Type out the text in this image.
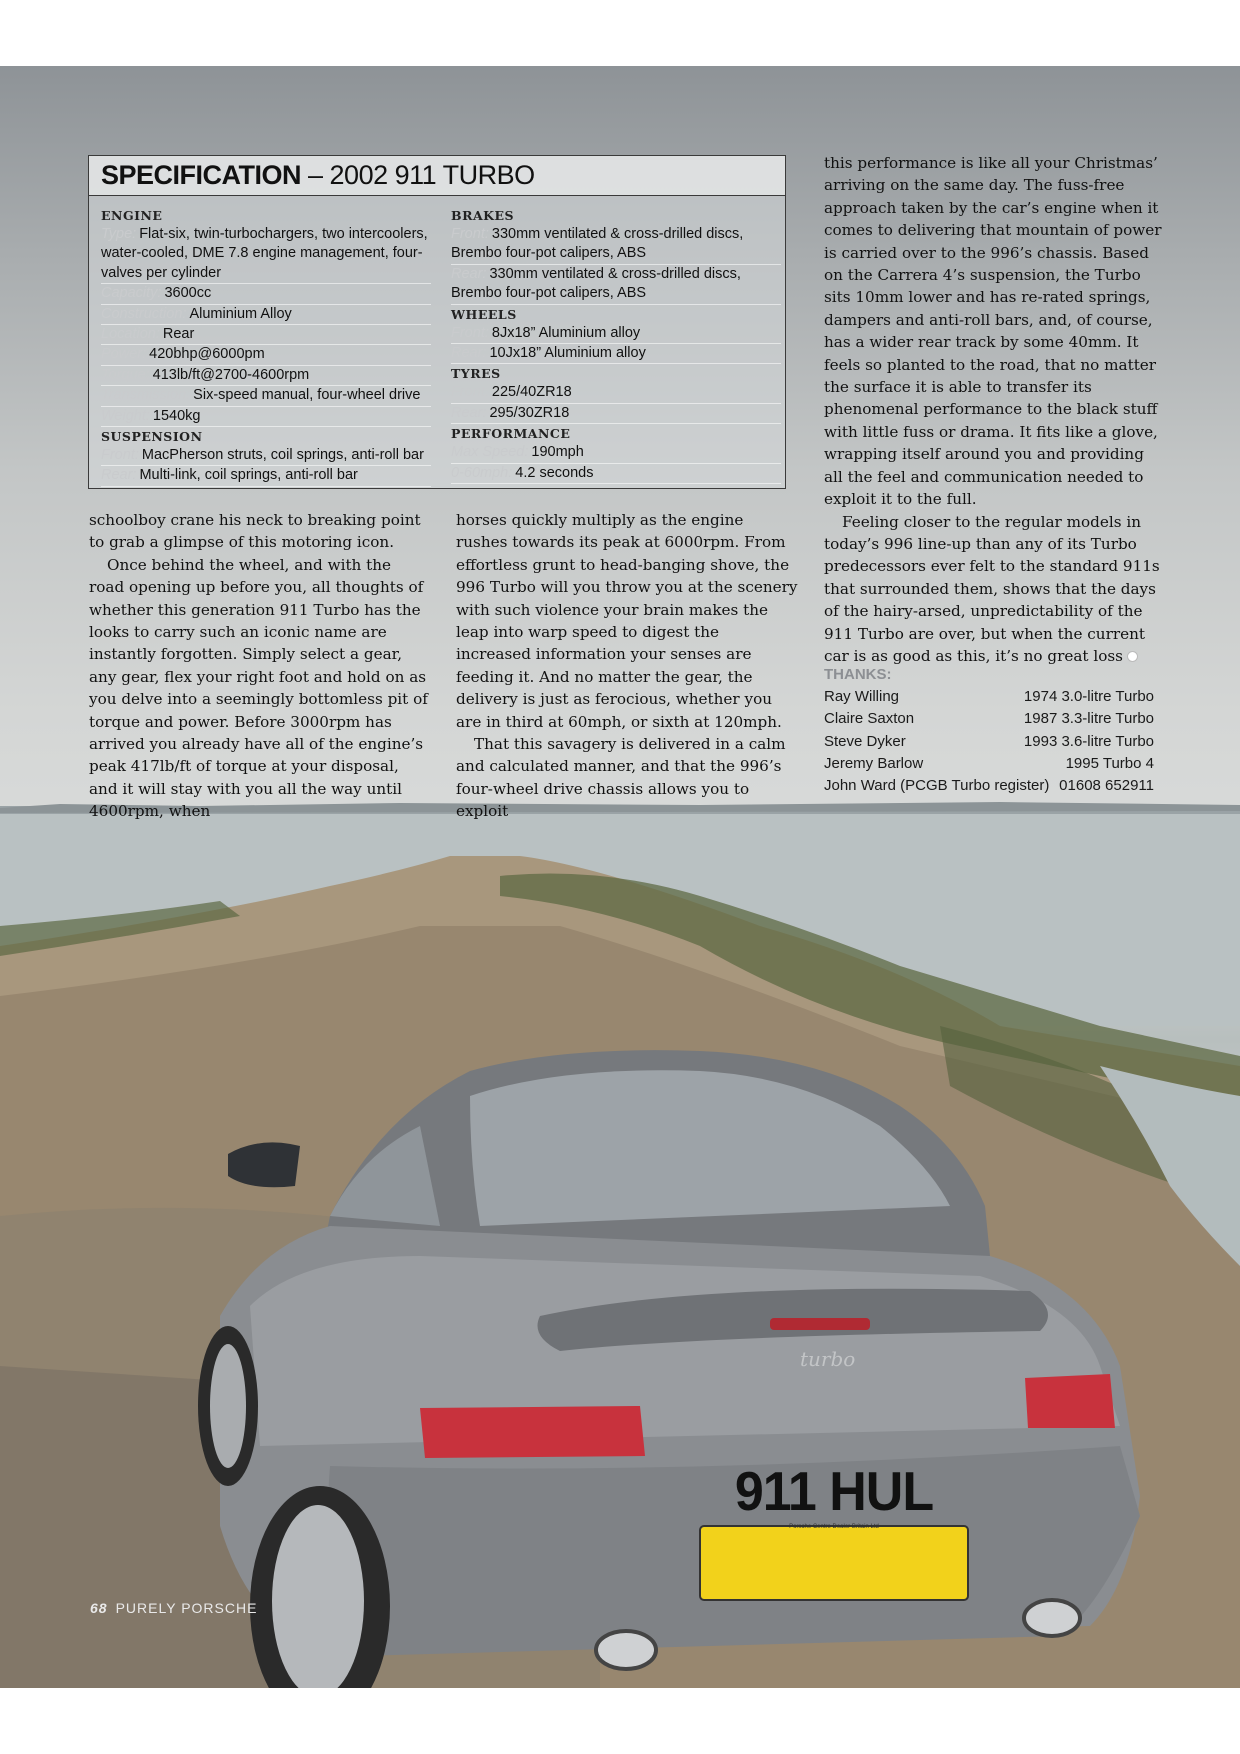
turbo
911 HUL
Porsche Centre Dealer Britain Ltd
SPECIFICATION – 2002 911 TURBO
ENGINE
Type: Flat-six, twin-turbochargers, two intercoolers, water-cooled, DME 7.8 engine management, four-valves per cylinder
Capacity: 3600cc
Construction: Aluminium Alloy
Location: Rear
Power: 420bhp@6000pm
Torque: 413lb/ft@2700-4600rpm
Transmission: Six-speed manual, four-wheel drive
Weight: 1540kg
SUSPENSION
Front: MacPherson struts, coil springs, anti-roll bar
Rear: Multi-link, coil springs, anti-roll bar
BRAKES
Front: 330mm ventilated & cross-drilled discs, Brembo four-pot calipers, ABS
Rear: 330mm ventilated & cross-drilled discs, Brembo four-pot calipers, ABS
WHEELS
Front: 8Jx18” Aluminium alloy
Rear: 10Jx18” Aluminium alloy
TYRES
Front: 225/40ZR18
Rear: 295/30ZR18
PERFORMANCE
Max Speed: 190mph
0-60mph: 4.2 seconds

schoolboy crane his neck to breaking point to grab a glimpse of this motoring icon.

Once behind the wheel, and with the road opening up before you, all thoughts of whether this generation 911 Turbo has the looks to carry such an iconic name are instantly forgotten. Simply select a gear, any gear, flex your right foot and hold on as you delve into a seemingly bottomless pit of torque and power. Before 3000rpm has arrived you already have all of the engine’s peak 417lb/ft of torque at your disposal, and it will stay with you all the way until 4600rpm, when

horses quickly multiply as the engine rushes towards its peak at 6000rpm. From effortless grunt to head-banging shove, the 996 Turbo will you throw you at the scenery with such violence your brain makes the leap into warp speed to digest the increased information your senses are feeding it. And no matter the gear, the delivery is just as ferocious, whether you are in third at 60mph, or sixth at 120mph.

That this savagery is delivered in a calm and calculated manner, and that the 996’s four-wheel drive chassis allows you to exploit

this performance is like all your Christmas’ arriving on the same day. The fuss-free approach taken by the car’s engine when it comes to delivering that mountain of power is carried over to the 996’s chassis. Based on the Carrera 4’s suspension, the Turbo sits 10mm lower and has re-rated springs, dampers and anti-roll bars, and, of course, has a wider rear track by some 40mm. It feels so planted to the road, that no matter the surface it is able to transfer its phenomenal performance to the black stuff with little fuss or drama. It fits like a glove, wrapping itself around you and providing all the feel and communication needed to exploit it to the full.

Feeling closer to the regular models in today’s 996 line-up than any of its Turbo predecessors ever felt to the standard 911s that surrounded them, shows that the days of the hairy-arsed, unpredictability of the 911 Turbo are over, but when the current car is as good as this, it’s no great loss

THANKS:
Ray Willing	1974 3.0-litre Turbo
Claire Saxton	1987 3.3-litre Turbo
Steve Dyker	1993 3.6-litre Turbo
Jeremy Barlow	1995 Turbo 4
John Ward (PCGB Turbo register) 01608 652911
68 PURELY PORSCHE
